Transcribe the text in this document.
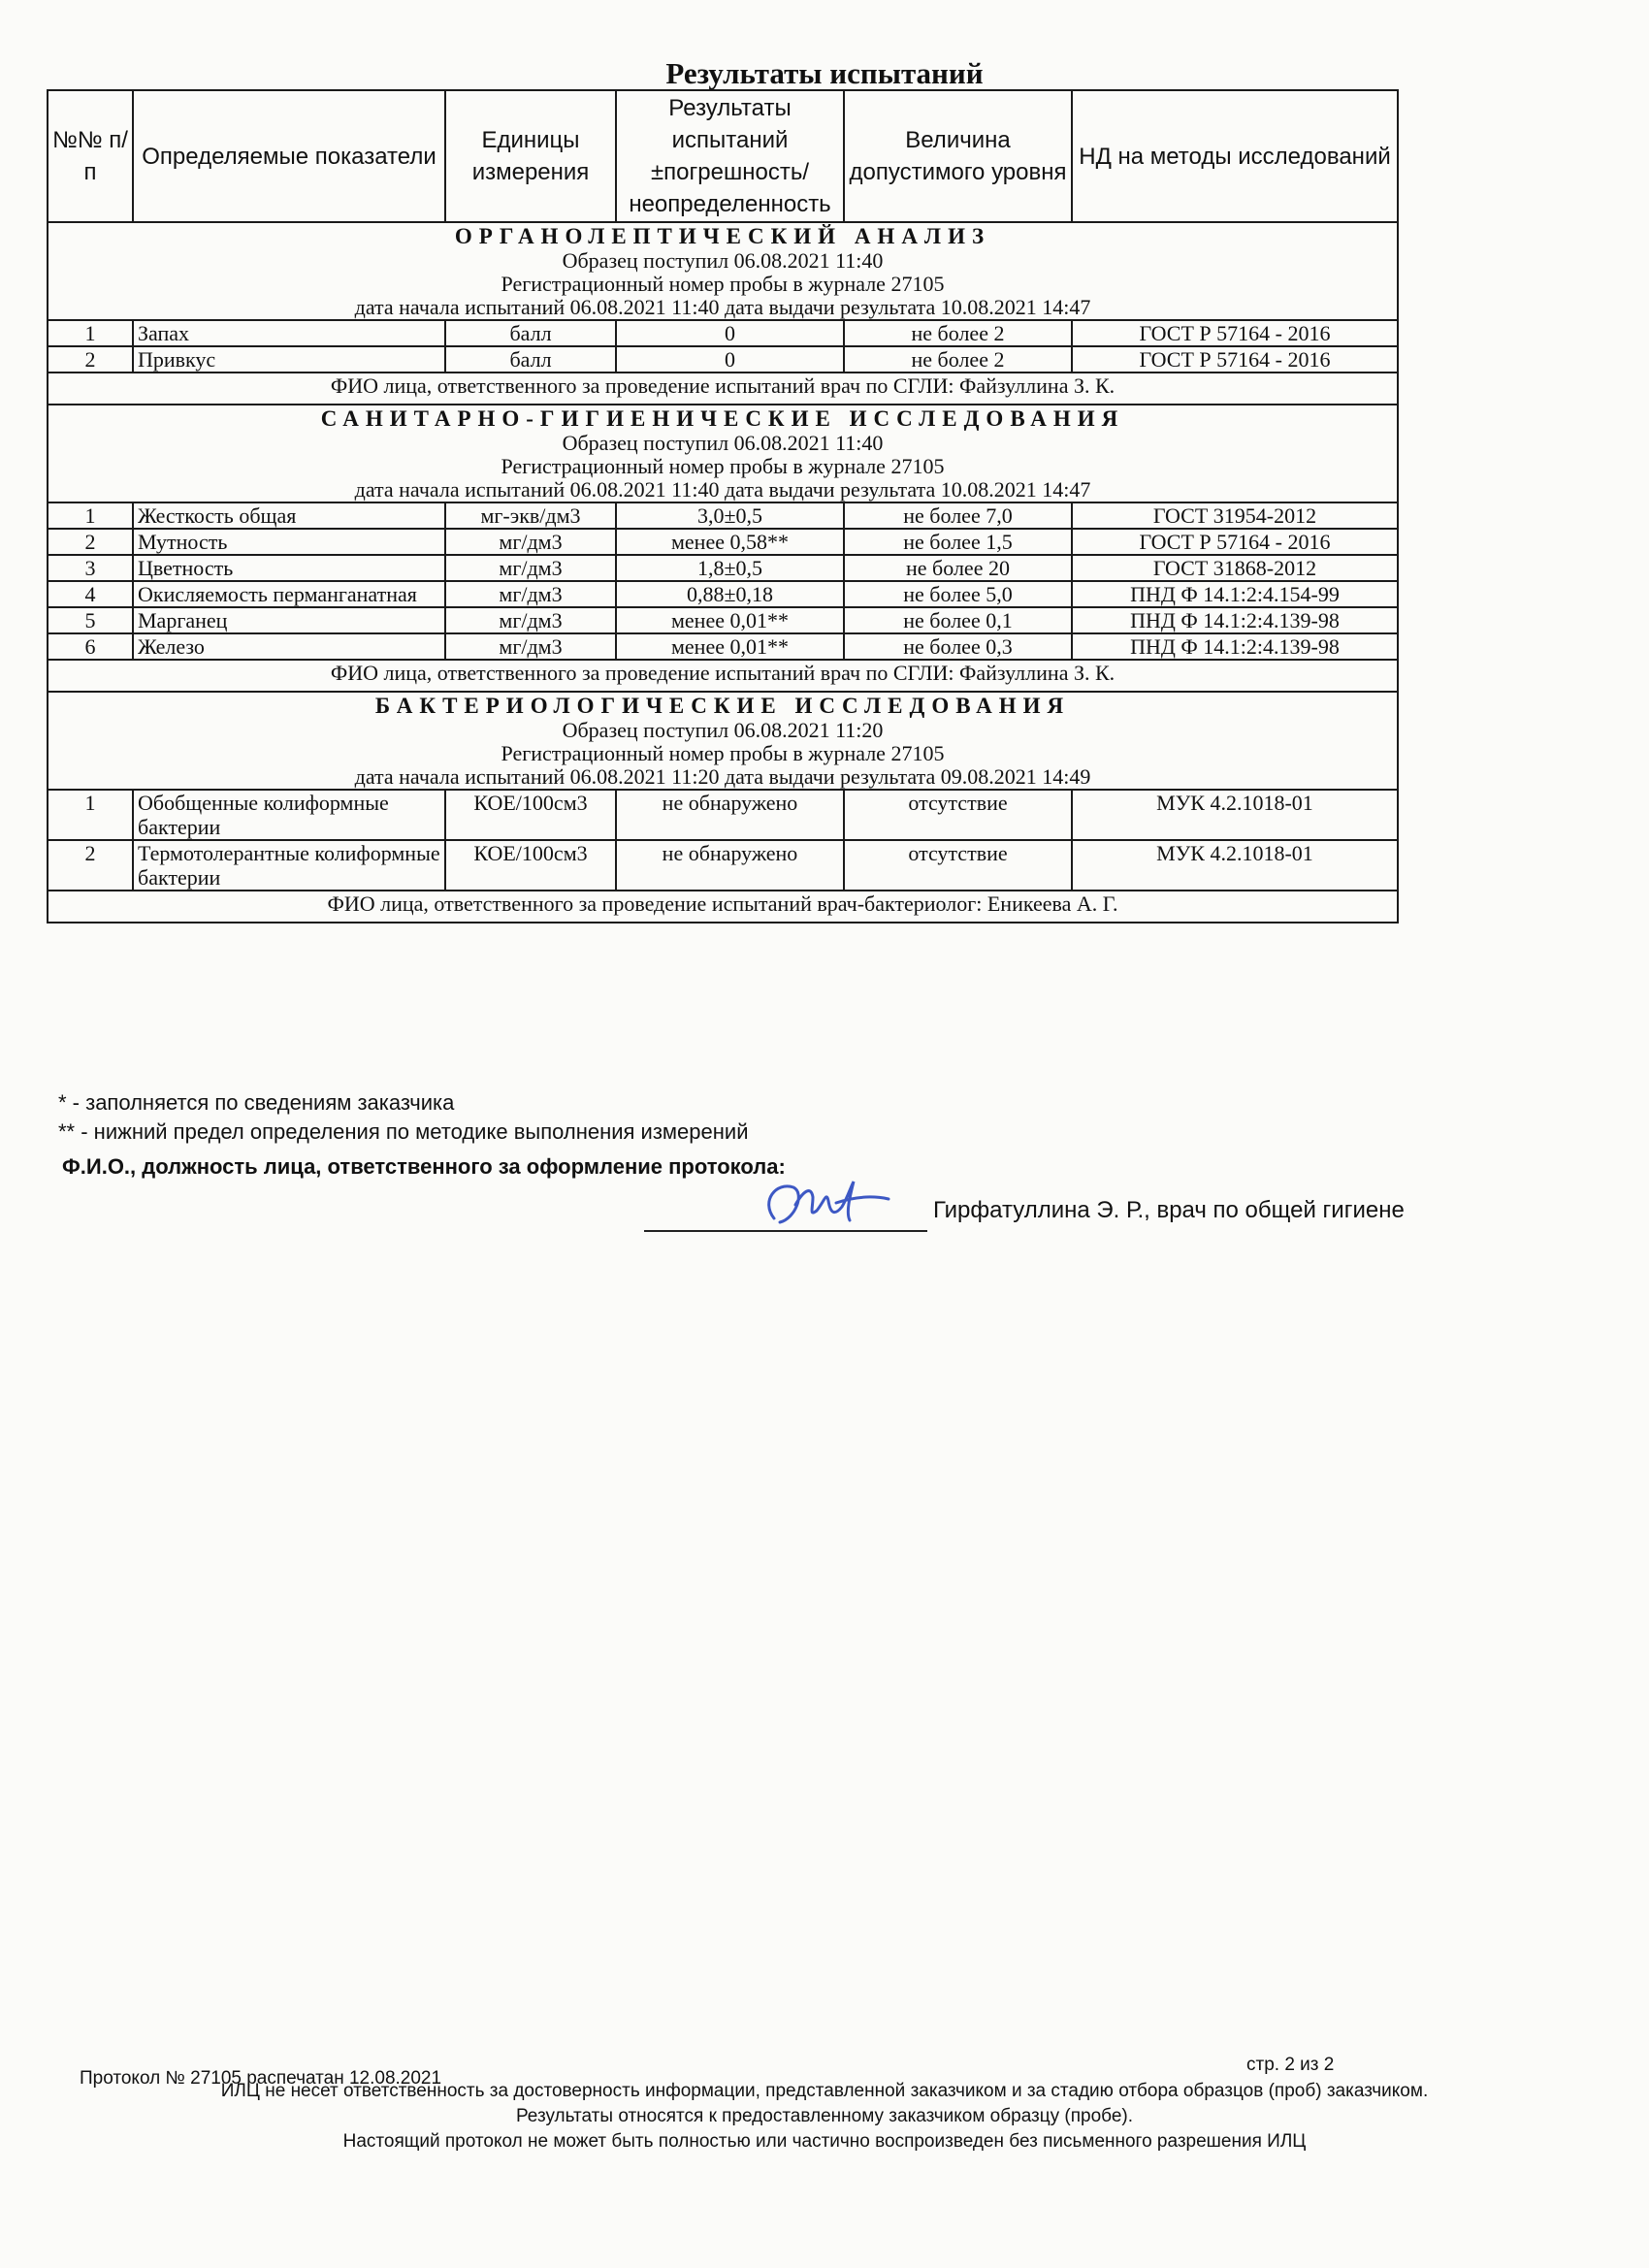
Результаты испытаний
№№ п/п	Определяемые показатели	Единицы измерения	Результаты испытаний ±погрешность/ неопределенность	Величина допустимого уровня	НД на методы исследований

ОРГАНОЛЕПТИЧЕСКИЙ АНАЛИЗ
Образец поступил 06.08.2021 11:40
Регистрационный номер пробы в журнале 27105
дата начала испытаний 06.08.2021 11:40 дата выдачи результата 10.08.2021 14:47					

1	Запах	балл	0	не более 2	ГОСТ Р 57164 - 2016
2	Привкус	балл	0	не более 2	ГОСТ Р 57164 - 2016
ФИО лица, ответственного за проведение испытаний врач по СГЛИ: Файзуллина З. К.					

САНИТАРНО-ГИГИЕНИЧЕСКИЕ ИССЛЕДОВАНИЯ
Образец поступил 06.08.2021 11:40
Регистрационный номер пробы в журнале 27105
дата начала испытаний 06.08.2021 11:40 дата выдачи результата 10.08.2021 14:47					

1	Жесткость общая	мг-экв/дм3	3,0±0,5	не более 7,0	ГОСТ 31954-2012
2	Мутность	мг/дм3	менее 0,58**	не более 1,5	ГОСТ Р 57164 - 2016
3	Цветность	мг/дм3	1,8±0,5	не более 20	ГОСТ 31868-2012
4	Окисляемость перманганатная	мг/дм3	0,88±0,18	не более 5,0	ПНД Ф 14.1:2:4.154-99
5	Марганец	мг/дм3	менее 0,01**	не более 0,1	ПНД Ф 14.1:2:4.139-98
6	Железо	мг/дм3	менее 0,01**	не более 0,3	ПНД Ф 14.1:2:4.139-98
ФИО лица, ответственного за проведение испытаний врач по СГЛИ: Файзуллина З. К.					

БАКТЕРИОЛОГИЧЕСКИЕ ИССЛЕДОВАНИЯ
Образец поступил 06.08.2021 11:20
Регистрационный номер пробы в журнале 27105
дата начала испытаний 06.08.2021 11:20 дата выдачи результата 09.08.2021 14:49					

1	Обобщенные колиформные бактерии	КОЕ/100см3	не обнаружено	отсутствие	МУК 4.2.1018-01
2	Термотолерантные колиформные бактерии	КОЕ/100см3	не обнаружено	отсутствие	МУК 4.2.1018-01
ФИО лица, ответственного за проведение испытаний врач-бактериолог: Еникеева А. Г.					
* - заполняется по сведениям заказчика
** - нижний предел определения по методике выполнения измерений
Ф.И.О., должность лица, ответственного за оформление протокола:
Гирфатуллина Э. Р., врач по общей гигиене
Протокол № 27105 распечатан 12.08.2021
стр. 2 из 2
ИЛЦ не несет ответственность за достоверность информации, представленной заказчиком и за стадию отбора образцов (проб) заказчиком.
Результаты относятся к предоставленному заказчиком образцу (пробе).
Настоящий протокол не может быть полностью или частично воспроизведен без письменного разрешения ИЛЦ
